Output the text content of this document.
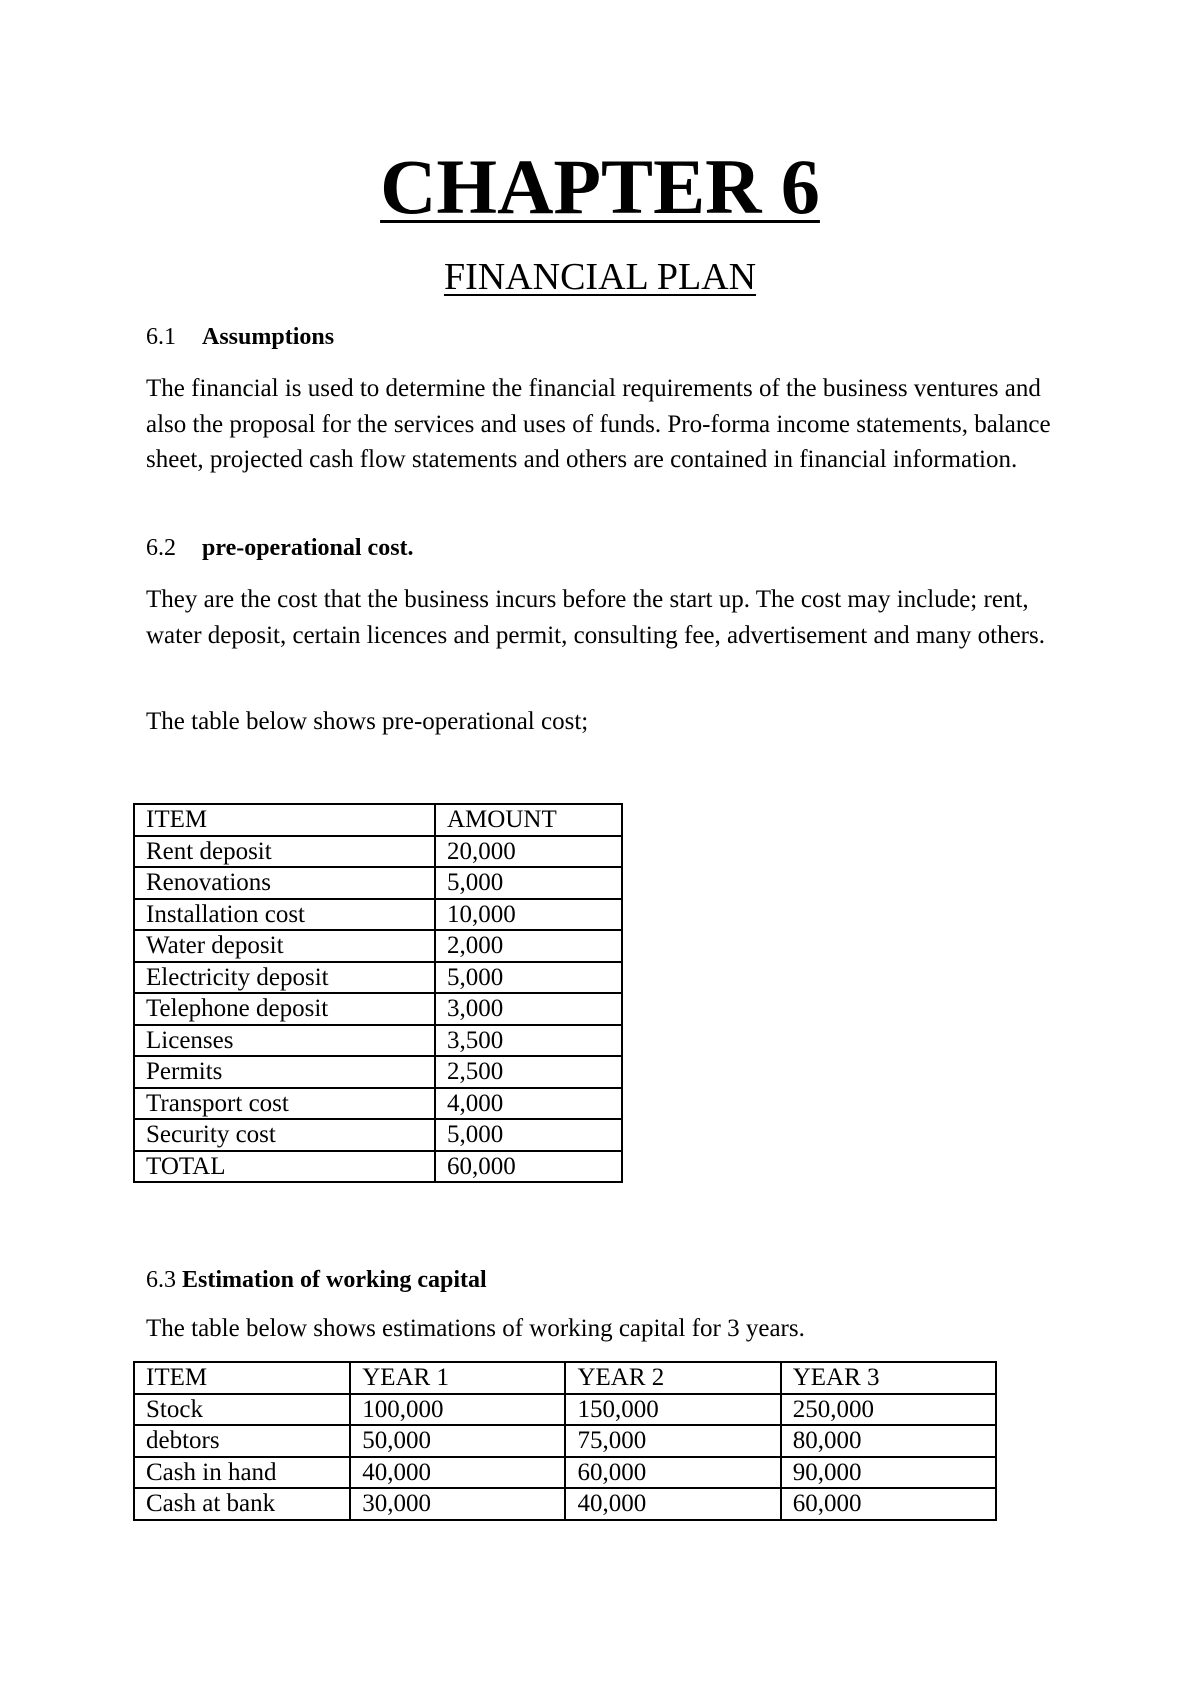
CHAPTER 6
FINANCIAL PLAN
6.1 Assumptions
The financial is used to determine the financial requirements of the business ventures and also the proposal for the services and uses of funds. Pro-forma income statements, balance sheet, projected cash flow statements and others are contained in financial information.
6.2 pre-operational cost.
They are the cost that the business incurs before the start up. The cost may include; rent, water deposit, certain licences and permit, consulting fee, advertisement and many others.
The table below shows pre-operational cost;
ITEM	AMOUNT
Rent deposit	20,000
Renovations	5,000
Installation cost	10,000
Water deposit	2,000
Electricity deposit	5,000
Telephone deposit	3,000
Licenses	3,500
Permits	2,500
Transport cost	4,000
Security cost	5,000
TOTAL	60,000
6.3 Estimation of working capital
The table below shows estimations of working capital for 3 years.
ITEM	YEAR 1	YEAR 2	YEAR 3
Stock	100,000	150,000	250,000
debtors	50,000	75,000	80,000
Cash in hand	40,000	60,000	90,000
Cash at bank	30,000	40,000	60,000
